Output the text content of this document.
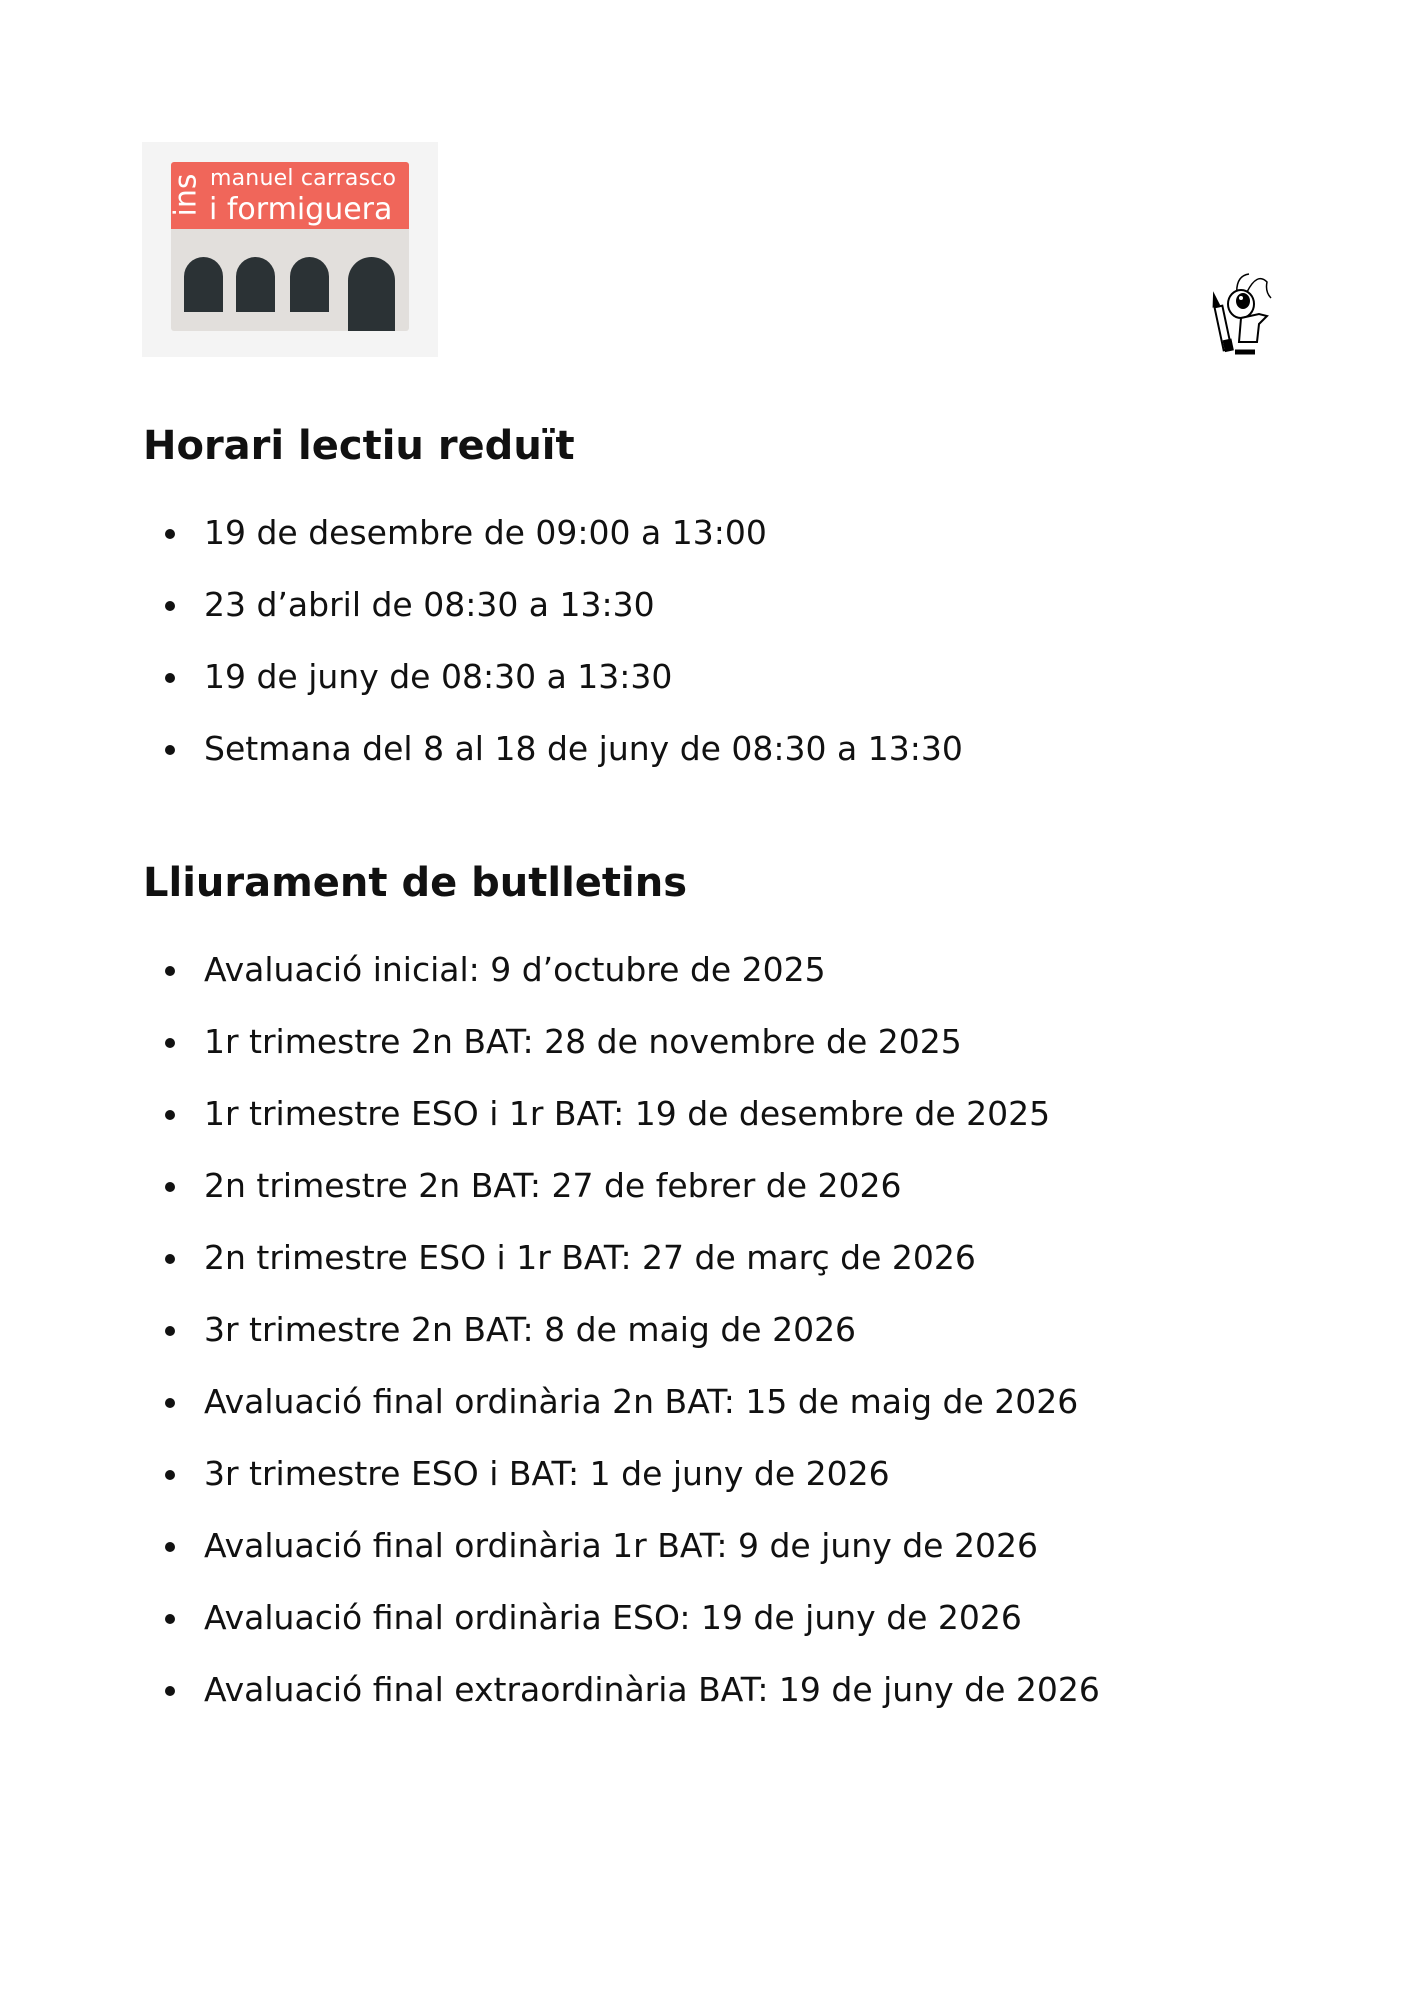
ins manuel carrasco
i formiguera
Horari lectiu reduït
19 de desembre de 09:00 a 13:00
23 d’abril de 08:30 a 13:30
19 de juny de 08:30 a 13:30
Setmana del 8 al 18 de juny de 08:30 a 13:30
Lliurament de butlletins
Avaluació inicial: 9 d’octubre de 2025
1r trimestre 2n BAT: 28 de novembre de 2025
1r trimestre ESO i 1r BAT: 19 de desembre de 2025
2n trimestre 2n BAT: 27 de febrer de 2026
2n trimestre ESO i 1r BAT: 27 de març de 2026
3r trimestre 2n BAT: 8 de maig de 2026
Avaluació final ordinària 2n BAT: 15 de maig de 2026
3r trimestre ESO i BAT: 1 de juny de 2026
Avaluació final ordinària 1r BAT: 9 de juny de 2026
Avaluació final ordinària ESO: 19 de juny de 2026
Avaluació final extraordinària BAT: 19 de juny de 2026
